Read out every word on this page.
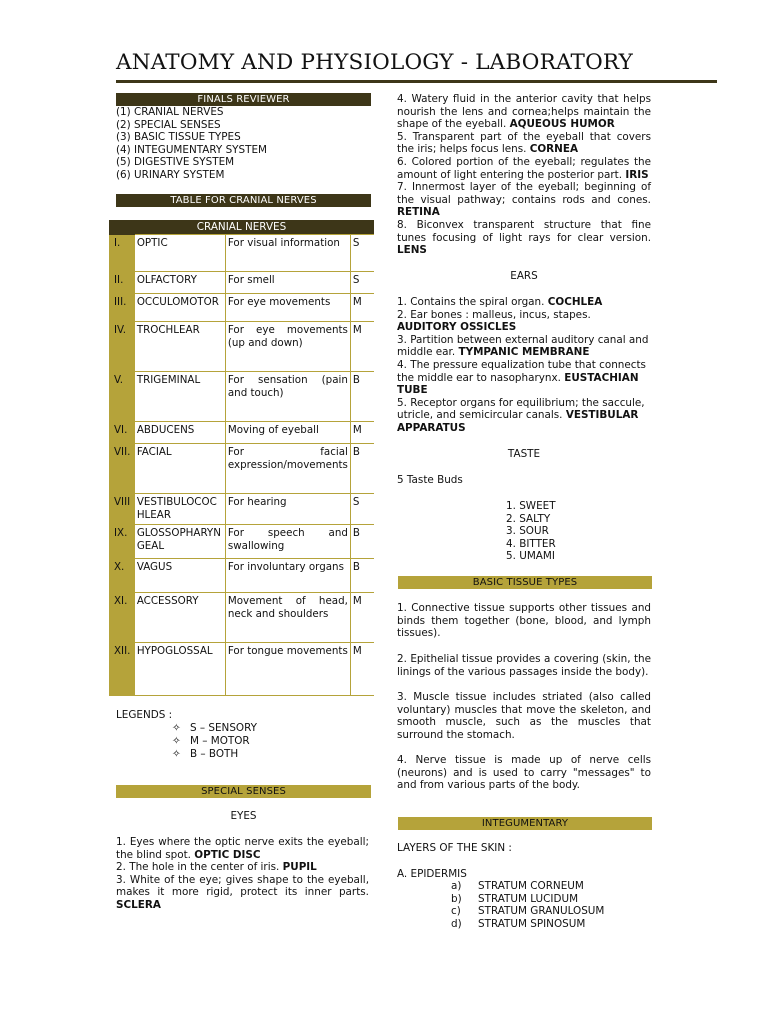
ANATOMY AND PHYSIOLOGY - LABORATORY
FINALS REVIEWER
(1) CRANIAL NERVES
(2) SPECIAL SENSES
(3) BASIC TISSUE TYPES
(4) INTEGUMENTARY SYSTEM
(5) DIGESTIVE SYSTEM
(6) URINARY SYSTEM
TABLE FOR CRANIAL NERVES
CRANIAL NERVES			
I.	OPTIC	For visual information	S
II.	OLFACTORY	For smell	S
III.	OCCULOMOTOR	For eye movements	M
IV.	TROCHLEAR	For eye movements (up and down)	M
V.	TRIGEMINAL	For sensation (pain and touch)	B
VI.	ABDUCENS	Moving of eyeball	M
VII.	FACIAL	For facial expression/movements	B
VIII	VESTIBULOCOCHLEAR	For hearing	S
IX.	GLOSSOPHARYNGEAL	For speech and swallowing	B
X.	VAGUS	For involuntary organs	B
XI.	ACCESSORY	Movement of head, neck and shoulders	M
XII.	HYPOGLOSSAL	For tongue movements	M
LEGENDS :
✧ S – SENSORY
✧ M – MOTOR
✧ B – BOTH
SPECIAL SENSES
EYES
1. Eyes where the optic nerve exits the eyeball; the blind spot. OPTIC DISC
2. The hole in the center of iris. PUPIL
3. White of the eye; gives shape to the eyeball, makes it more rigid, protect its inner parts. SCLERA
4. Watery fluid in the anterior cavity that helps nourish the lens and cornea;helps maintain the shape of the eyeball. AQUEOUS HUMOR
5. Transparent part of the eyeball that covers the iris; helps focus lens. CORNEA
6. Colored portion of the eyeball; regulates the amount of light entering the posterior part. IRIS
7. Innermost layer of the eyeball; beginning of the visual pathway; contains rods and cones. RETINA
8. Biconvex transparent structure that fine tunes focusing of light rays for clear version. LENS
EARS
1. Contains the spiral organ. COCHLEA
2. Ear bones : malleus, incus, stapes. AUDITORY OSSICLES
3. Partition between external auditory canal and middle ear. TYMPANIC MEMBRANE
4. The pressure equalization tube that connects the middle ear to nasopharynx. EUSTACHIAN TUBE
5. Receptor organs for equilibrium; the saccule, utricle, and semicircular canals. VESTIBULAR APPARATUS
TASTE
5 Taste Buds
1. SWEET
2. SALTY
3. SOUR
4. BITTER
5. UMAMI
BASIC TISSUE TYPES
1. Connective tissue supports other tissues and binds them together (bone, blood, and lymph tissues).
2. Epithelial tissue provides a covering (skin, the linings of the various passages inside the body).
3. Muscle tissue includes striated (also called voluntary) muscles that move the skeleton, and smooth muscle, such as the muscles that surround the stomach.
4. Nerve tissue is made up of nerve cells (neurons) and is used to carry "messages" to and from various parts of the body.
INTEGUMENTARY
LAYERS OF THE SKIN :
A. EPIDERMIS
a) STRATUM CORNEUM
b) STRATUM LUCIDUM
c) STRATUM GRANULOSUM
d) STRATUM SPINOSUM
